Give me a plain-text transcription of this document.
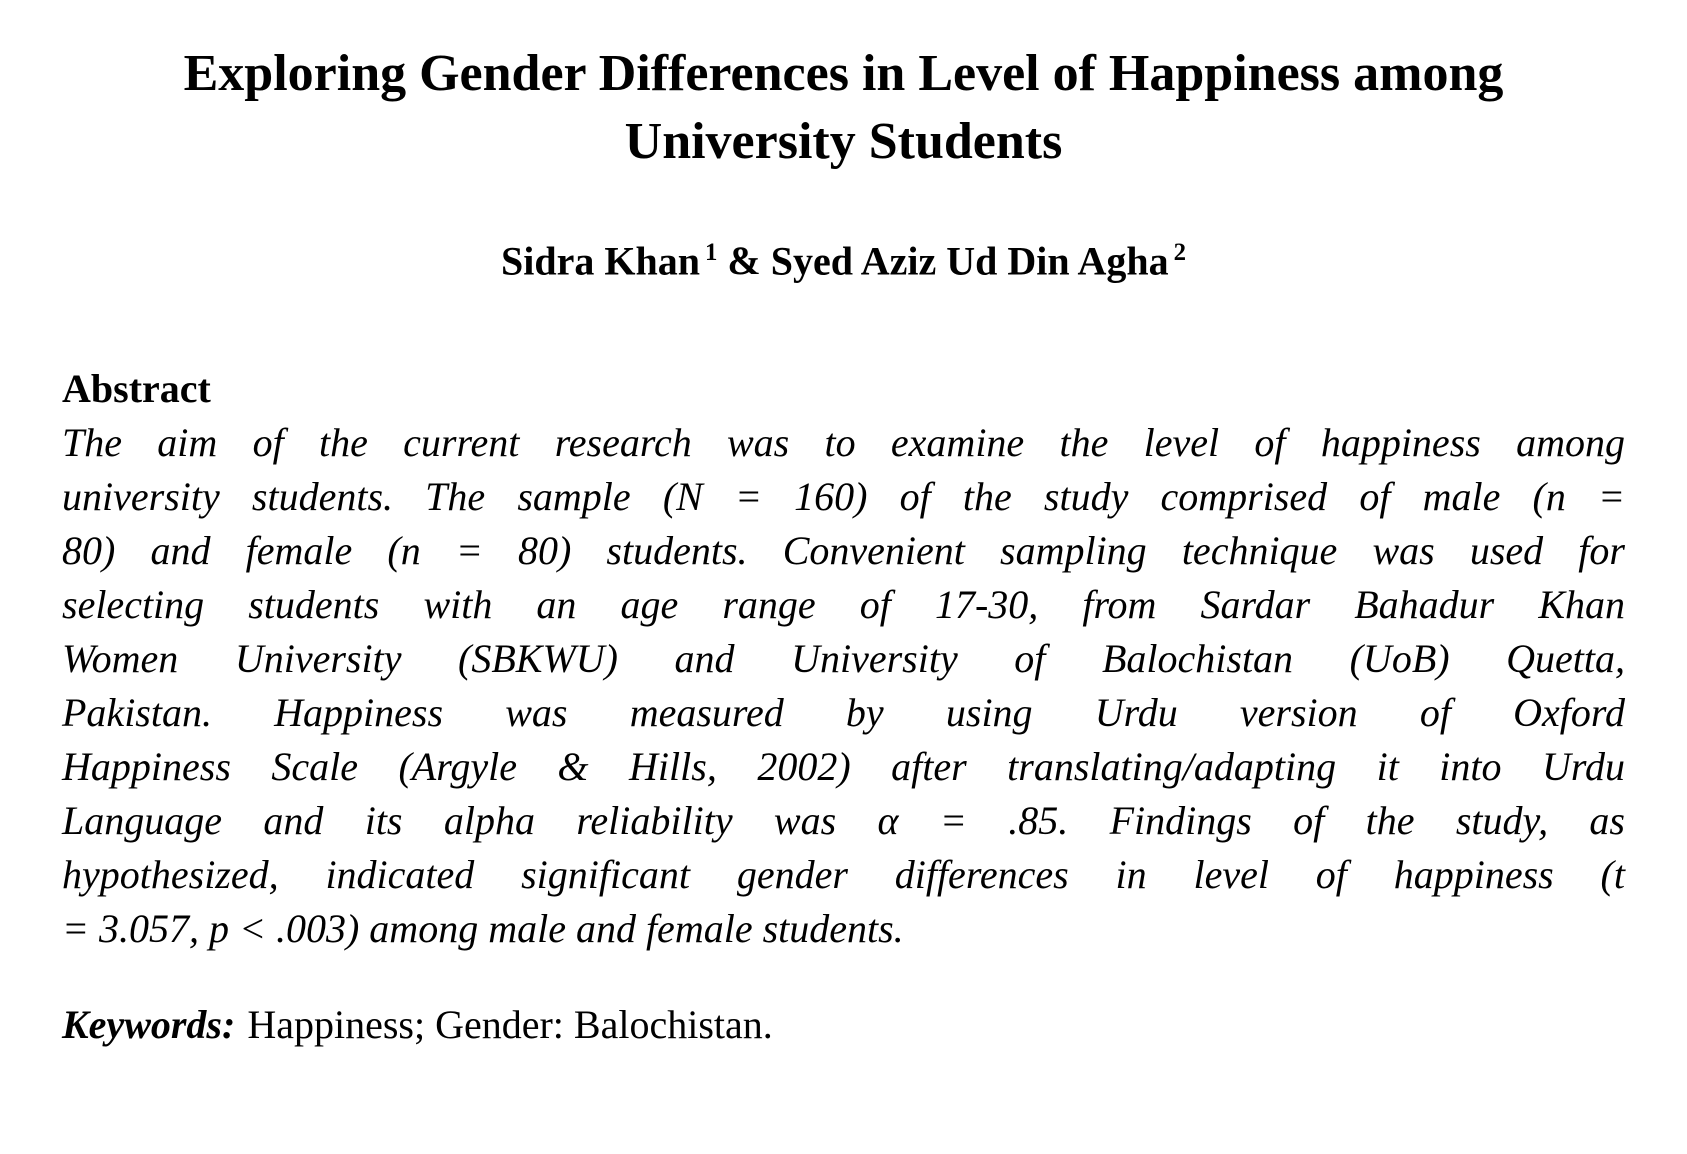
Exploring Gender Differences in Level of Happiness among
University Students
Sidra Khan $^1$ & Syed Aziz Ud Din Agha $^2$
Abstract
The aim of the current research was to examine the level of happiness among
university students. The sample (N = 160) of the study comprised of male (n =
80) and female (n = 80) students. Convenient sampling technique was used for
selecting students with an age range of 17-30, from Sardar Bahadur Khan
Women University (SBKWU) and University of Balochistan (UoB) Quetta,
Pakistan. Happiness was measured by using Urdu version of Oxford
Happiness Scale (Argyle & Hills, 2002) after translating/adapting it into Urdu
Language and its alpha reliability was α = .85. Findings of the study, as
hypothesized, indicated significant gender differences in level of happiness (t
= 3.057, p < .003) among male and female students.
Keywords: Happiness; Gender: Balochistan.
